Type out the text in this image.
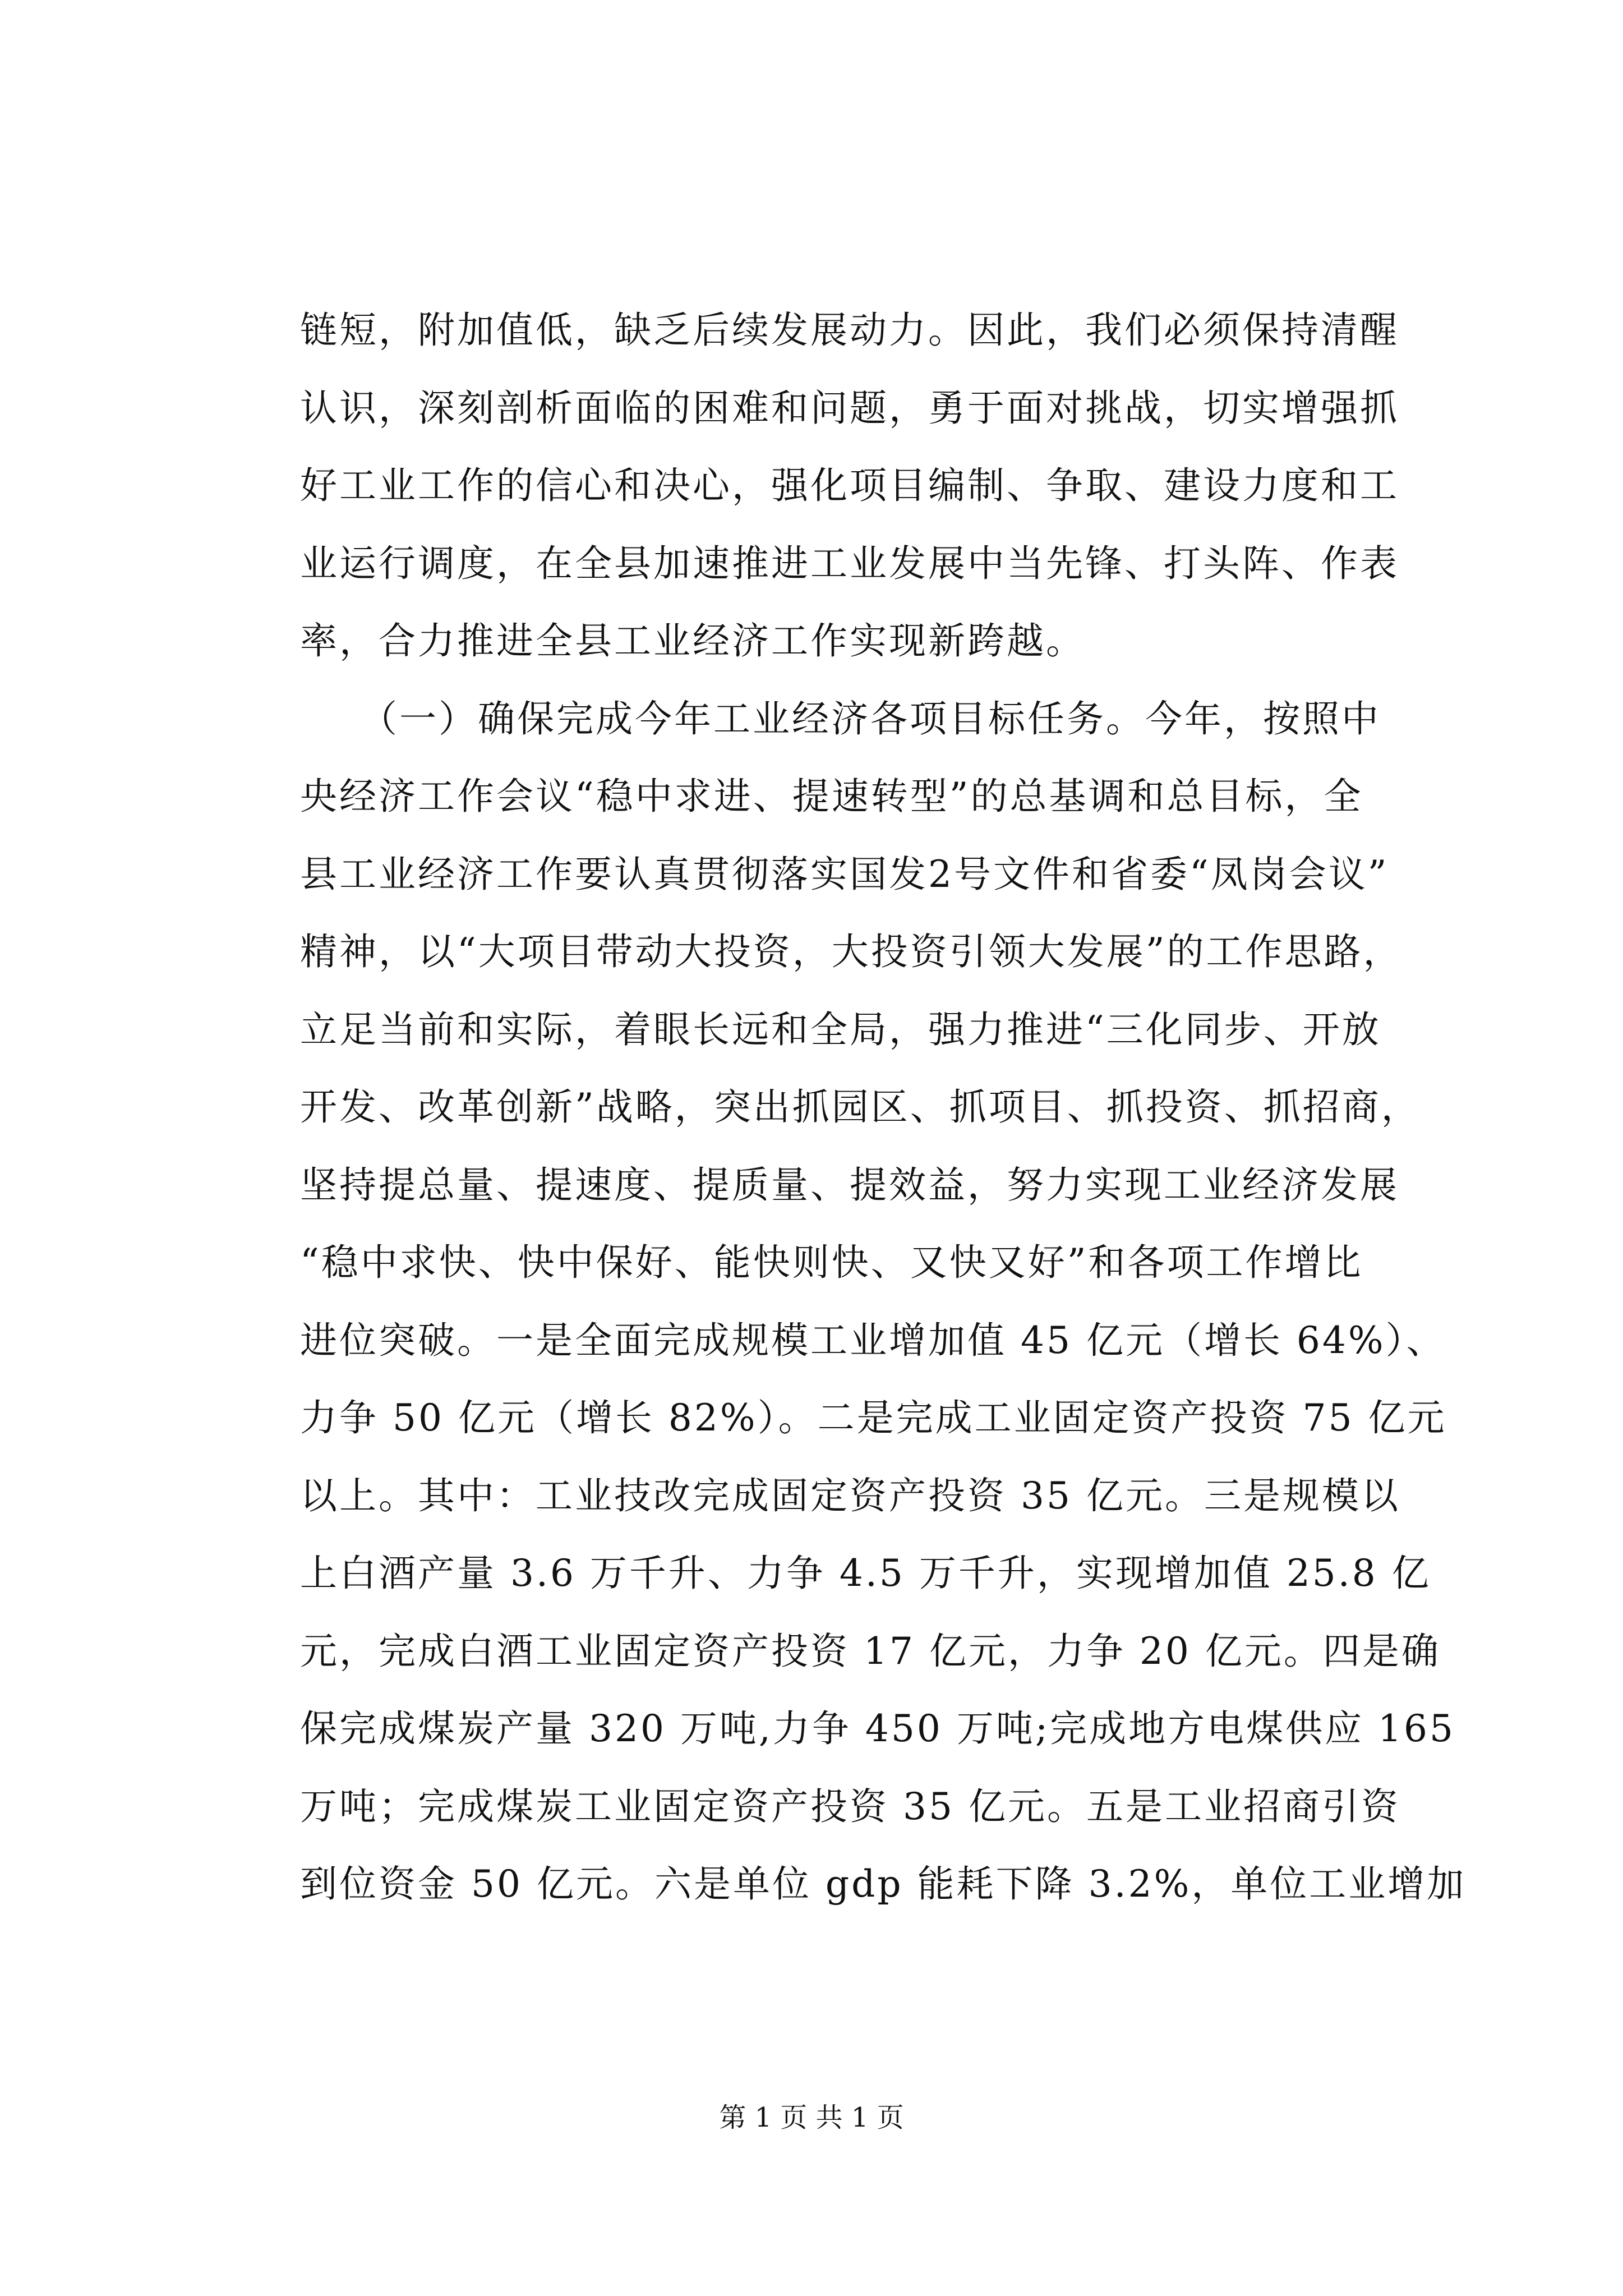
链短，附加值低，缺乏后续发展动力。因此，我们必须保持清醒
认识，深刻剖析面临的困难和问题，勇于面对挑战，切实增强抓
好工业工作的信心和决心，强化项目编制、争取、建设力度和工
业运行调度，在全县加速推进工业发展中当先锋、打头阵、作表
率，合力推进全县工业经济工作实现新跨越。
　　（一）确保完成今年工业经济各项目标任务。今年，按照中
央经济工作会议“稳中求进、提速转型”的总基调和总目标，全
县工业经济工作要认真贯彻落实国发2号文件和省委“凤岗会议”
精神，以“大项目带动大投资，大投资引领大发展”的工作思路，
立足当前和实际，着眼长远和全局，强力推进“三化同步、开放
开发、改革创新”战略，突出抓园区、抓项目、抓投资、抓招商，
坚持提总量、提速度、提质量、提效益，努力实现工业经济发展
“稳中求快、快中保好、能快则快、又快又好”和各项工作增比
进位突破。一是全面完成规模工业增加值 45 亿元（增长 64%）、
力争 50 亿元（增长 82%）。二是完成工业固定资产投资 75 亿元
以上。其中：工业技改完成固定资产投资 35 亿元。三是规模以
上白酒产量 3.6 万千升、力争 4.5 万千升，实现增加值 25.8 亿
元，完成白酒工业固定资产投资 17 亿元，力争 20 亿元。四是确
保完成煤炭产量 320 万吨,力争 450 万吨;完成地方电煤供应 165
万吨；完成煤炭工业固定资产投资 35 亿元。五是工业招商引资
到位资金 50 亿元。六是单位 gdp 能耗下降 3.2%，单位工业增加
第 1 页 共 1 页
